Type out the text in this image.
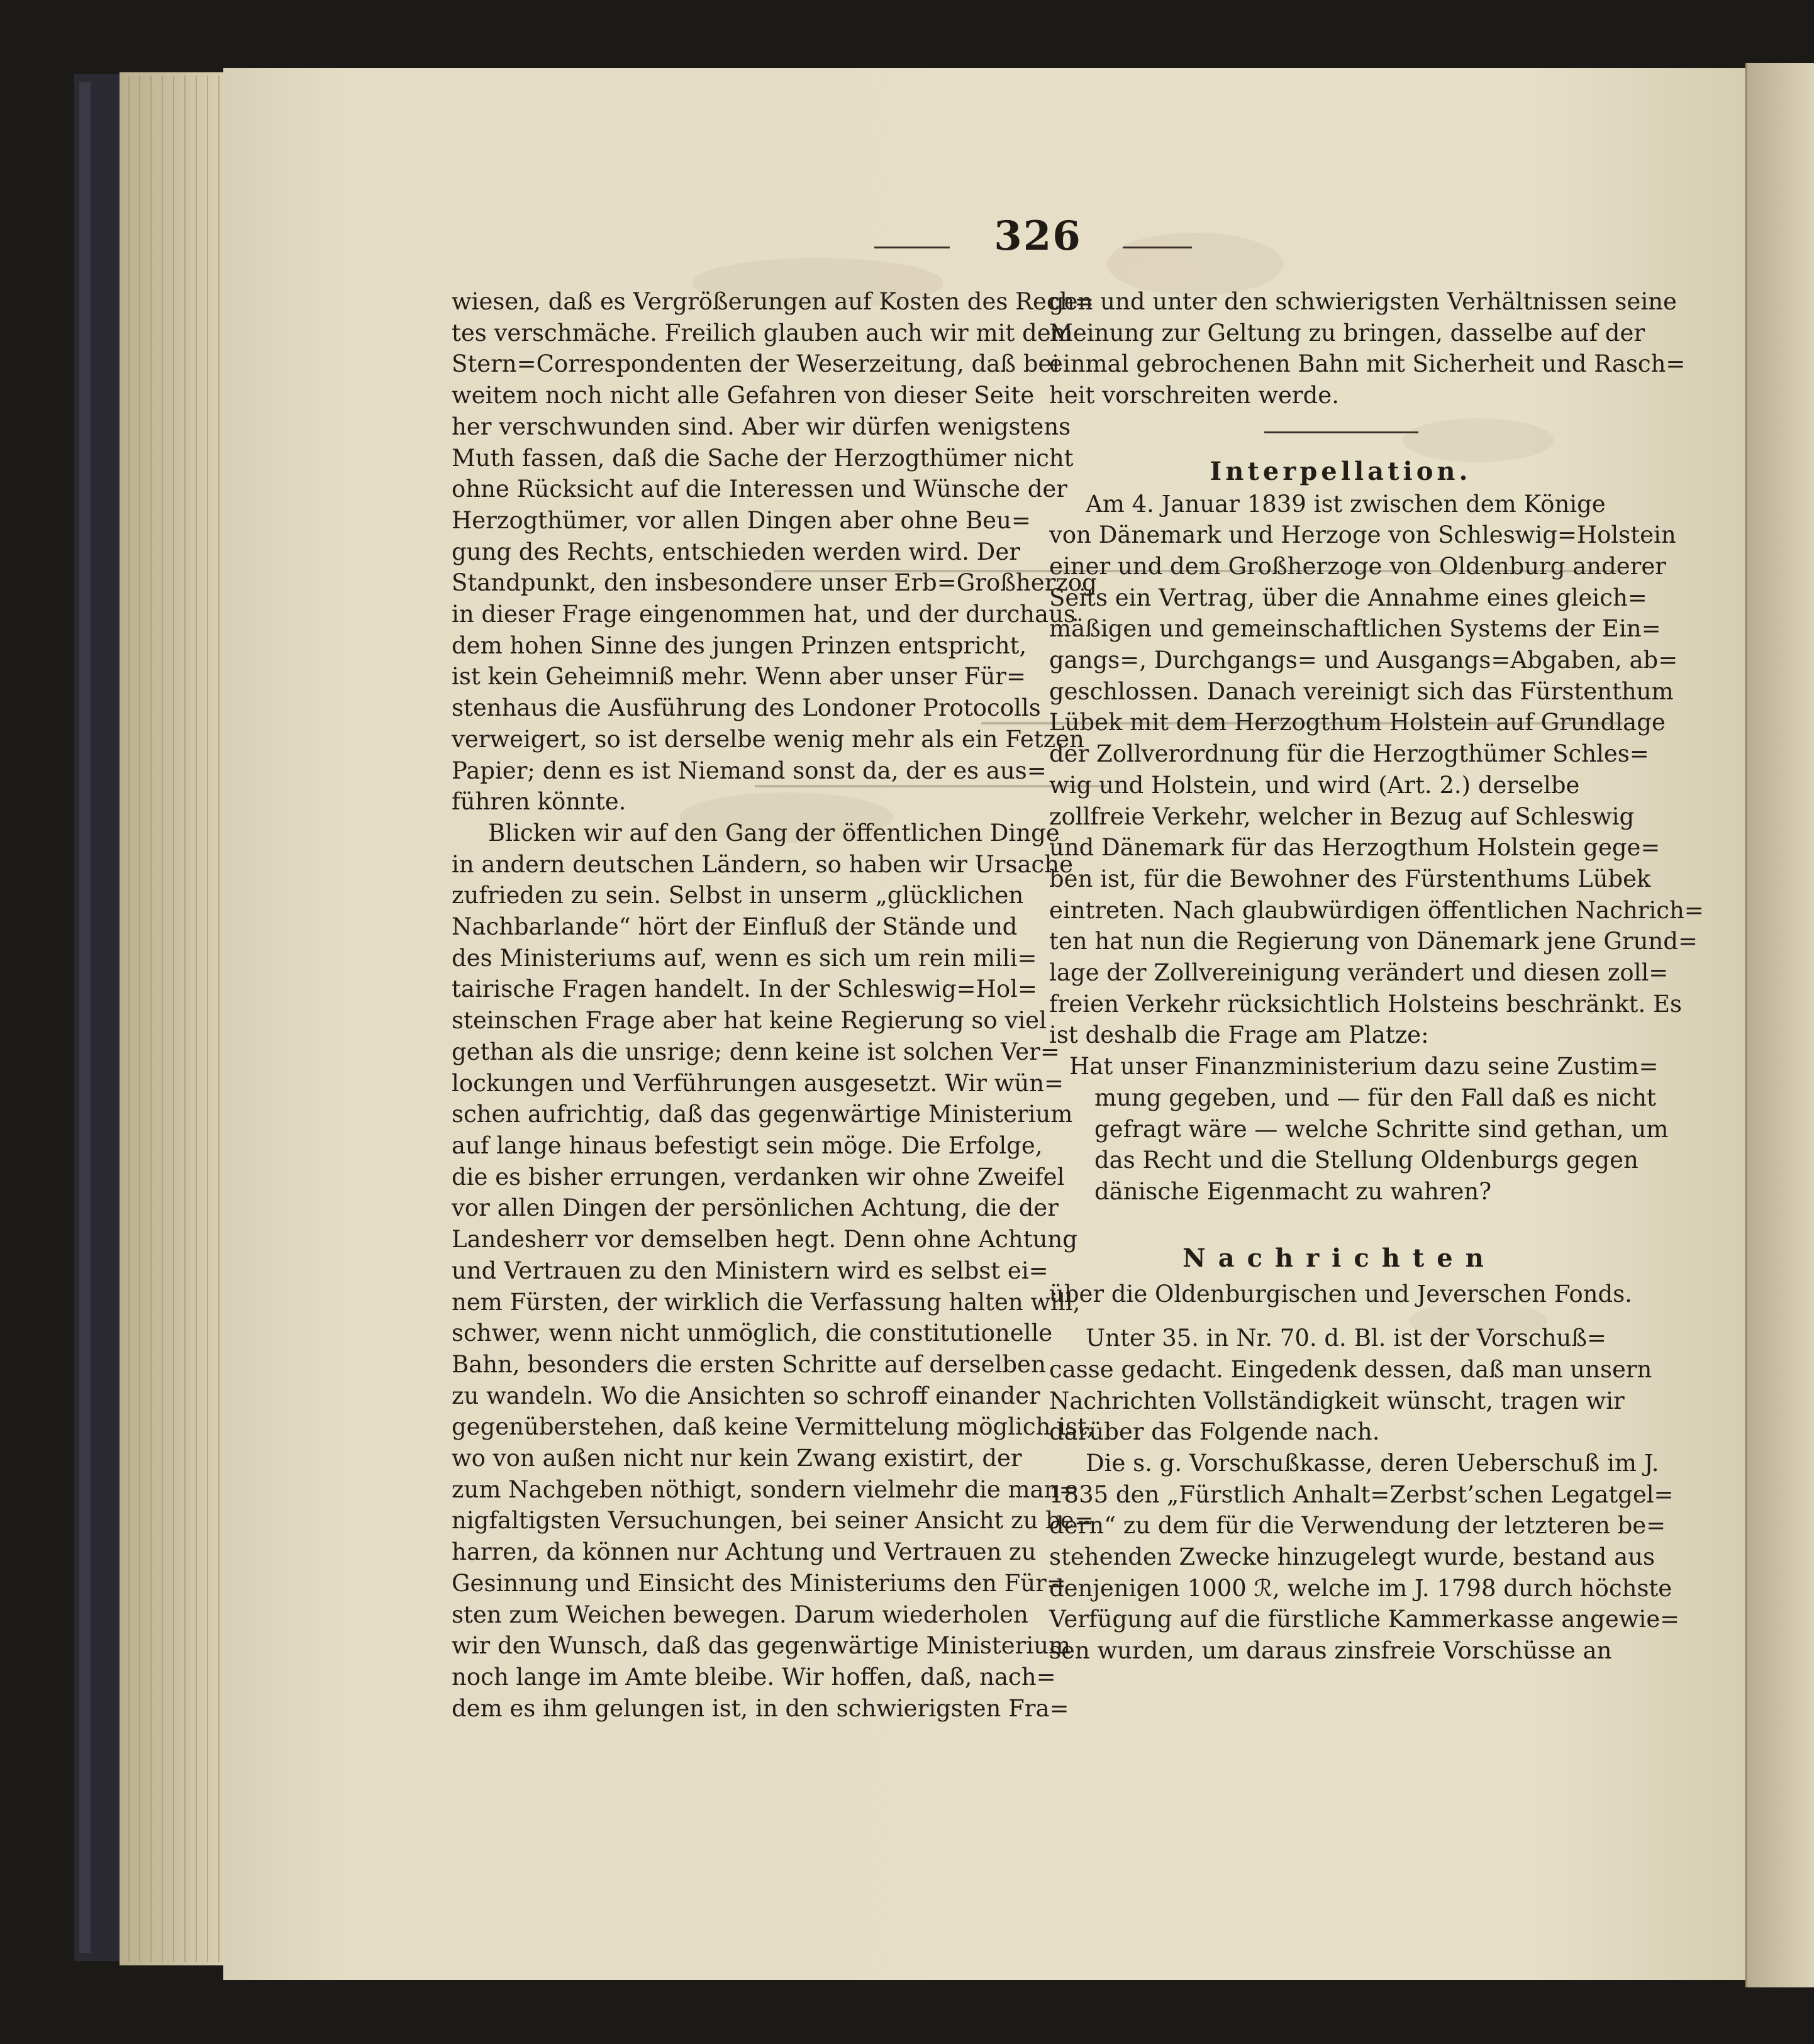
326

wiesen, daß es Vergrößerungen auf Kosten des Rech=

tes verschmäche. Freilich glauben auch wir mit dem

Stern=Correspondenten der Weserzeitung, daß bei

weitem noch nicht alle Gefahren von dieser Seite

her verschwunden sind. Aber wir dürfen wenigstens

Muth fassen, daß die Sache der Herzogthümer nicht

ohne Rücksicht auf die Interessen und Wünsche der

Herzogthümer, vor allen Dingen aber ohne Beu=

gung des Rechts, entschieden werden wird. Der

Standpunkt, den insbesondere unser Erb=Großherzog

in dieser Frage eingenommen hat, und der durchaus

dem hohen Sinne des jungen Prinzen entspricht,

ist kein Geheimniß mehr. Wenn aber unser Für=

stenhaus die Ausführung des Londoner Protocolls

verweigert, so ist derselbe wenig mehr als ein Fetzen

Papier; denn es ist Niemand sonst da, der es aus=

führen könnte.

Blicken wir auf den Gang der öffentlichen Dinge

in andern deutschen Ländern, so haben wir Ursache

zufrieden zu sein. Selbst in unserm „glücklichen

Nachbarlande“ hört der Einfluß der Stände und

des Ministeriums auf, wenn es sich um rein mili=

tairische Fragen handelt. In der Schleswig=Hol=

steinschen Frage aber hat keine Regierung so viel

gethan als die unsrige; denn keine ist solchen Ver=

lockungen und Verführungen ausgesetzt. Wir wün=

schen aufrichtig, daß das gegenwärtige Ministerium

auf lange hinaus befestigt sein möge. Die Erfolge,

die es bisher errungen, verdanken wir ohne Zweifel

vor allen Dingen der persönlichen Achtung, die der

Landesherr vor demselben hegt. Denn ohne Achtung

und Vertrauen zu den Ministern wird es selbst ei=

nem Fürsten, der wirklich die Verfassung halten will,

schwer, wenn nicht unmöglich, die constitutionelle

Bahn, besonders die ersten Schritte auf derselben

zu wandeln. Wo die Ansichten so schroff einander

gegenüberstehen, daß keine Vermittelung möglich ist,

wo von außen nicht nur kein Zwang existirt, der

zum Nachgeben nöthigt, sondern vielmehr die man=

nigfaltigsten Versuchungen, bei seiner Ansicht zu be=

harren, da können nur Achtung und Vertrauen zu

Gesinnung und Einsicht des Ministeriums den Für=

sten zum Weichen bewegen. Darum wiederholen

wir den Wunsch, daß das gegenwärtige Ministerium

noch lange im Amte bleibe. Wir hoffen, daß, nach=

dem es ihm gelungen ist, in den schwierigsten Fra=

gen und unter den schwierigsten Verhältnissen seine

Meinung zur Geltung zu bringen, dasselbe auf der

einmal gebrochenen Bahn mit Sicherheit und Rasch=

heit vorschreiten werde.

Interpellation.

Am 4. Januar 1839 ist zwischen dem Könige

von Dänemark und Herzoge von Schleswig=Holstein

einer und dem Großherzoge von Oldenburg anderer

Seits ein Vertrag, über die Annahme eines gleich=

mäßigen und gemeinschaftlichen Systems der Ein=

gangs=, Durchgangs= und Ausgangs=Abgaben, ab=

geschlossen. Danach vereinigt sich das Fürstenthum

Lübek mit dem Herzogthum Holstein auf Grundlage

der Zollverordnung für die Herzogthümer Schles=

wig und Holstein, und wird (Art. 2.) derselbe

zollfreie Verkehr, welcher in Bezug auf Schleswig

und Dänemark für das Herzogthum Holstein gege=

ben ist, für die Bewohner des Fürstenthums Lübek

eintreten. Nach glaubwürdigen öffentlichen Nachrich=

ten hat nun die Regierung von Dänemark jene Grund=

lage der Zollvereinigung verändert und diesen zoll=

freien Verkehr rücksichtlich Holsteins beschränkt. Es

ist deshalb die Frage am Platze:

Hat unser Finanzministerium dazu seine Zustim=

mung gegeben, und — für den Fall daß es nicht

gefragt wäre — welche Schritte sind gethan, um

das Recht und die Stellung Oldenburgs gegen

dänische Eigenmacht zu wahren?

Nachrichten

über die Oldenburgischen und Jeverschen Fonds.

Unter 35. in Nr. 70. d. Bl. ist der Vorschuß=

casse gedacht. Eingedenk dessen, daß man unsern

Nachrichten Vollständigkeit wünscht, tragen wir

darüber das Folgende nach.

Die s. g. Vorschußkasse, deren Ueberschuß im J.

1835 den „Fürstlich Anhalt=Zerbst’schen Legatgel=

dern“ zu dem für die Verwendung der letzteren be=

stehenden Zwecke hinzugelegt wurde, bestand aus

denjenigen 1000 ℛ, welche im J. 1798 durch höchste

Verfügung auf die fürstliche Kammerkasse angewie=

sen wurden, um daraus zinsfreie Vorschüsse an
